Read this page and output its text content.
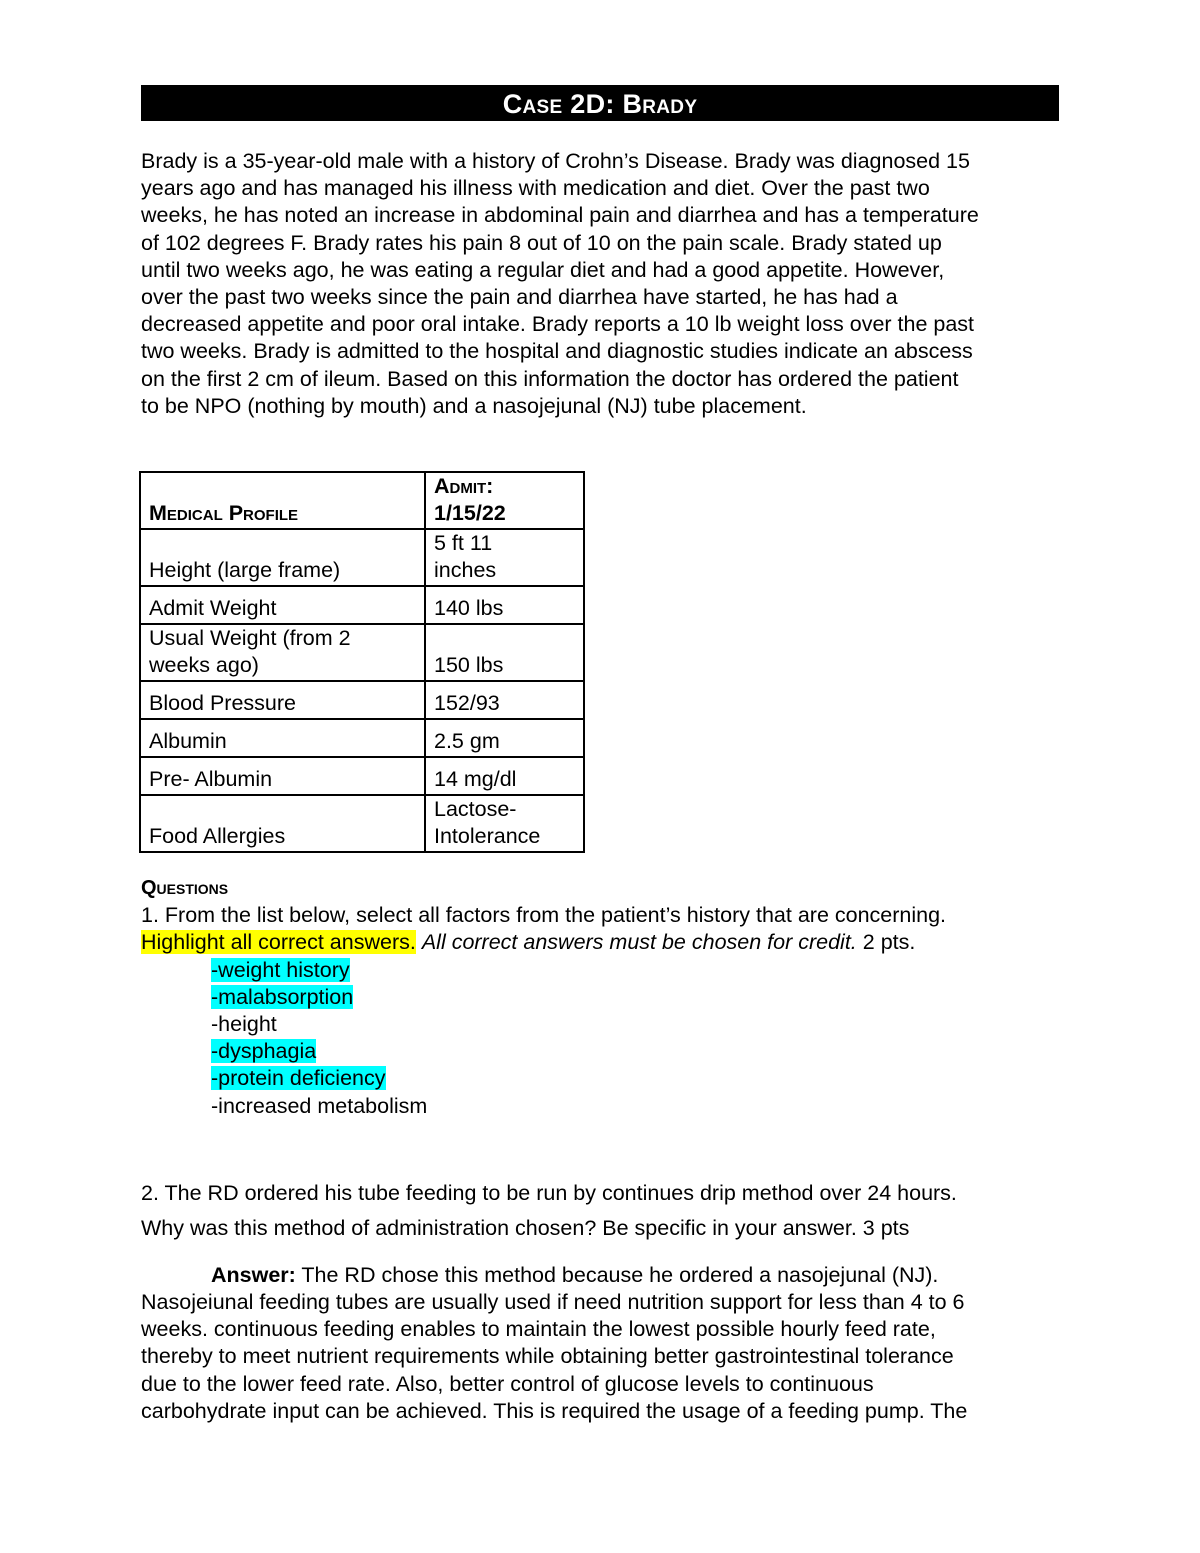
Case 2D: Brady
Brady is a 35-year-old male with a history of Crohn’s Disease. Brady was diagnosed 15
years ago and has managed his illness with medication and diet. Over the past two
weeks, he has noted an increase in abdominal pain and diarrhea and has a temperature
of 102 degrees F. Brady rates his pain 8 out of 10 on the pain scale. Brady stated up
until two weeks ago, he was eating a regular diet and had a good appetite. However,
over the past two weeks since the pain and diarrhea have started, he has had a
decreased appetite and poor oral intake. Brady reports a 10 lb weight loss over the past
two weeks. Brady is admitted to the hospital and diagnostic studies indicate an abscess
on the first 2 cm of ileum. Based on this information the doctor has ordered the patient
to be NPO (nothing by mouth) and a nasojejunal (NJ) tube placement.
Medical Profile	Admit:
1/15/22

Height (large frame)	5 ft 11
inches

Admit Weight	140 lbs

Usual Weight (from 2
weeks ago)	150 lbs
Blood Pressure	152/93
Albumin	2.5 gm
Pre- Albumin	14 mg/dl
Food Allergies	Lactose-
Intolerance
Questions
1. From the list below, select all factors from the patient’s history that are concerning.
Highlight all correct answers. All correct answers must be chosen for credit. 2 pts.
-weight history
-malabsorption
-height
-dysphagia
-protein deficiency
-increased metabolism
2. The RD ordered his tube feeding to be run by continues drip method over 24 hours.
Why was this method of administration chosen? Be specific in your answer. 3 pts
Answer: The RD chose this method because he ordered a nasojejunal (NJ).
Nasojeiunal feeding tubes are usually used if need nutrition support for less than 4 to 6
weeks. continuous feeding enables to maintain the lowest possible hourly feed rate,
thereby to meet nutrient requirements while obtaining better gastrointestinal tolerance
due to the lower feed rate. Also, better control of glucose levels to continuous
carbohydrate input can be achieved. This is required the usage of a feeding pump. The
